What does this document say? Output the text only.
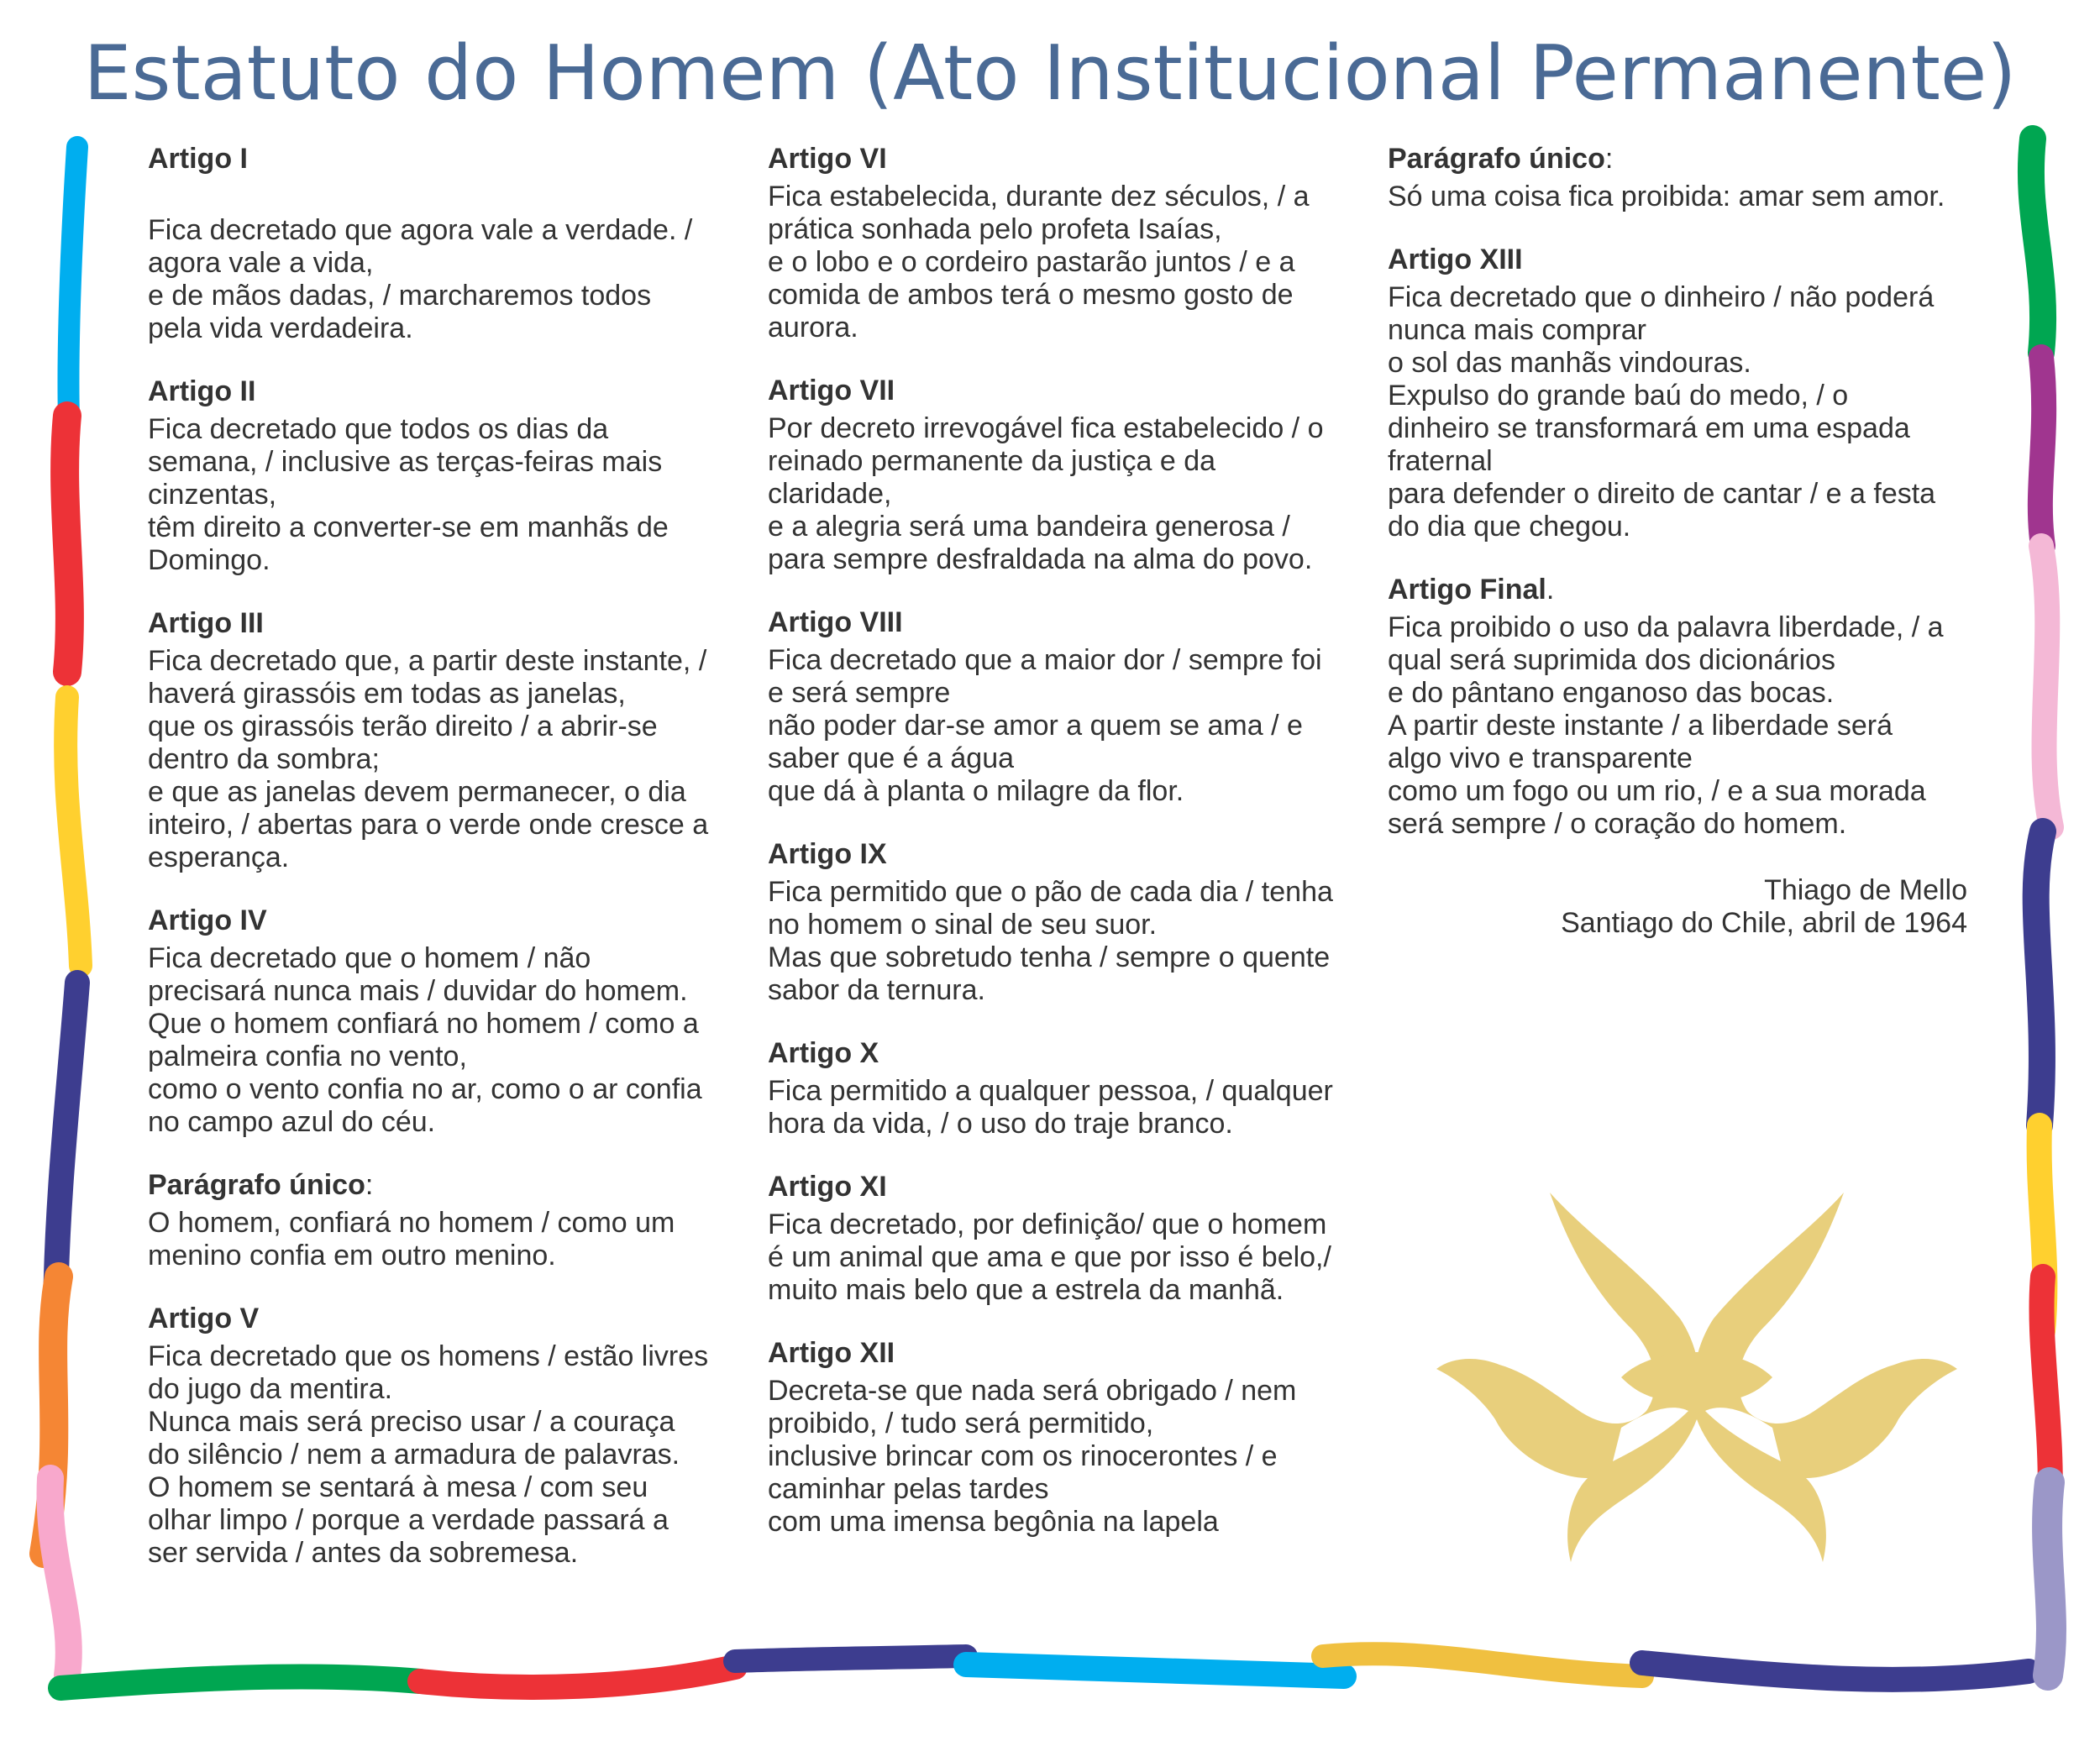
Estatuto do Homem (Ato Institucional Permanente)

Artigo I

Fica decretado que agora vale a verdade. /

agora vale a vida,

e de mãos dadas, / marcharemos todos

pela vida verdadeira.

Artigo II

Fica decretado que todos os dias da

semana, / inclusive as terças-feiras mais

cinzentas,

têm direito a converter-se em manhãs de

Domingo.

Artigo III

Fica decretado que, a partir deste instante, /

haverá girassóis em todas as janelas,

que os girassóis terão direito / a abrir-se

dentro da sombra;

e que as janelas devem permanecer, o dia

inteiro, / abertas para o verde onde cresce a

esperança.

Artigo IV

Fica decretado que o homem / não

precisará nunca mais / duvidar do homem.

Que o homem confiará no homem / como a

palmeira confia no vento,

como o vento confia no ar, como o ar confia

no campo azul do céu.

Parágrafo único:

O homem, confiará no homem / como um

menino confia em outro menino.

Artigo V

Fica decretado que os homens / estão livres

do jugo da mentira.

Nunca mais será preciso usar / a couraça

do silêncio / nem a armadura de palavras.

O homem se sentará à mesa / com seu

olhar limpo / porque a verdade passará a

ser servida / antes da sobremesa.

Artigo VI

Fica estabelecida, durante dez séculos, / a

prática sonhada pelo profeta Isaías,

e o lobo e o cordeiro pastarão juntos / e a

comida de ambos terá o mesmo gosto de

aurora.

Artigo VII

Por decreto irrevogável fica estabelecido / o

reinado permanente da justiça e da

claridade,

e a alegria será uma bandeira generosa /

para sempre desfraldada na alma do povo.

Artigo VIII

Fica decretado que a maior dor / sempre foi

e será sempre

não poder dar-se amor a quem se ama / e

saber que é a água

que dá à planta o milagre da flor.

Artigo IX

Fica permitido que o pão de cada dia / tenha

no homem o sinal de seu suor.

Mas que sobretudo tenha / sempre o quente

sabor da ternura.

Artigo X

Fica permitido a qualquer pessoa, / qualquer

hora da vida, / o uso do traje branco.

Artigo XI

Fica decretado, por definição/ que o homem

é um animal que ama e que por isso é belo,/

muito mais belo que a estrela da manhã.

Artigo XII

Decreta-se que nada será obrigado / nem

proibido, / tudo será permitido,

inclusive brincar com os rinocerontes / e

caminhar pelas tardes

com uma imensa begônia na lapela

Parágrafo único:

Só uma coisa fica proibida: amar sem amor.

Artigo XIII

Fica decretado que o dinheiro / não poderá

nunca mais comprar

o sol das manhãs vindouras.

Expulso do grande baú do medo, / o

dinheiro se transformará em uma espada

fraternal

para defender o direito de cantar / e a festa

do dia que chegou.

Artigo Final.

Fica proibido o uso da palavra liberdade, / a

qual será suprimida dos dicionários

e do pântano enganoso das bocas.

A partir deste instante / a liberdade será

algo vivo e transparente

como um fogo ou um rio, / e a sua morada

será sempre / o coração do homem.

Thiago de Mello

Santiago do Chile, abril de 1964
